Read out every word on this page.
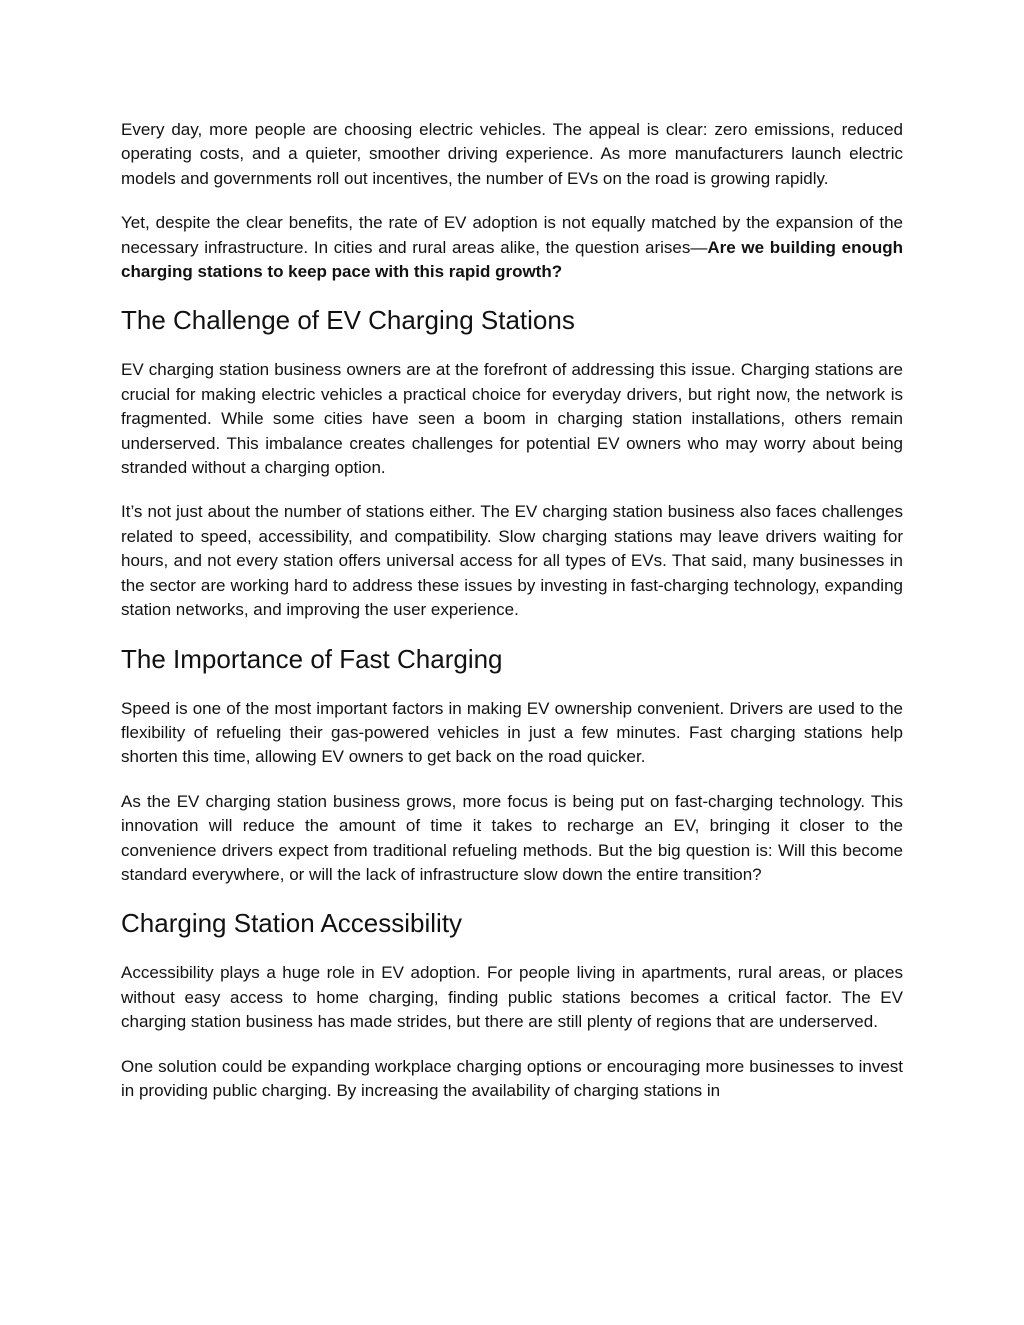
Every day, more people are choosing electric vehicles. The appeal is clear: zero emissions, reduced operating costs, and a quieter, smoother driving experience. As more manufacturers launch electric models and governments roll out incentives, the number of EVs on the road is growing rapidly.

Yet, despite the clear benefits, the rate of EV adoption is not equally matched by the expansion of the necessary infrastructure. In cities and rural areas alike, the question arises—Are we building enough charging stations to keep pace with this rapid growth?

The Challenge of EV Charging Stations

EV charging station business owners are at the forefront of addressing this issue. Charging stations are crucial for making electric vehicles a practical choice for everyday drivers, but right now, the network is fragmented. While some cities have seen a boom in charging station installations, others remain underserved. This imbalance creates challenges for potential EV owners who may worry about being stranded without a charging option.

It’s not just about the number of stations either. The EV charging station business also faces challenges related to speed, accessibility, and compatibility. Slow charging stations may leave drivers waiting for hours, and not every station offers universal access for all types of EVs. That said, many businesses in the sector are working hard to address these issues by investing in fast-charging technology, expanding station networks, and improving the user experience.

The Importance of Fast Charging

Speed is one of the most important factors in making EV ownership convenient. Drivers are used to the flexibility of refueling their gas-powered vehicles in just a few minutes. Fast charging stations help shorten this time, allowing EV owners to get back on the road quicker.

As the EV charging station business grows, more focus is being put on fast-charging technology. This innovation will reduce the amount of time it takes to recharge an EV, bringing it closer to the convenience drivers expect from traditional refueling methods. But the big question is: Will this become standard everywhere, or will the lack of infrastructure slow down the entire transition?

Charging Station Accessibility

Accessibility plays a huge role in EV adoption. For people living in apartments, rural areas, or places without easy access to home charging, finding public stations becomes a critical factor. The EV charging station business has made strides, but there are still plenty of regions that are underserved.

One solution could be expanding workplace charging options or encouraging more businesses to invest in providing public charging. By increasing the availability of charging stations in
